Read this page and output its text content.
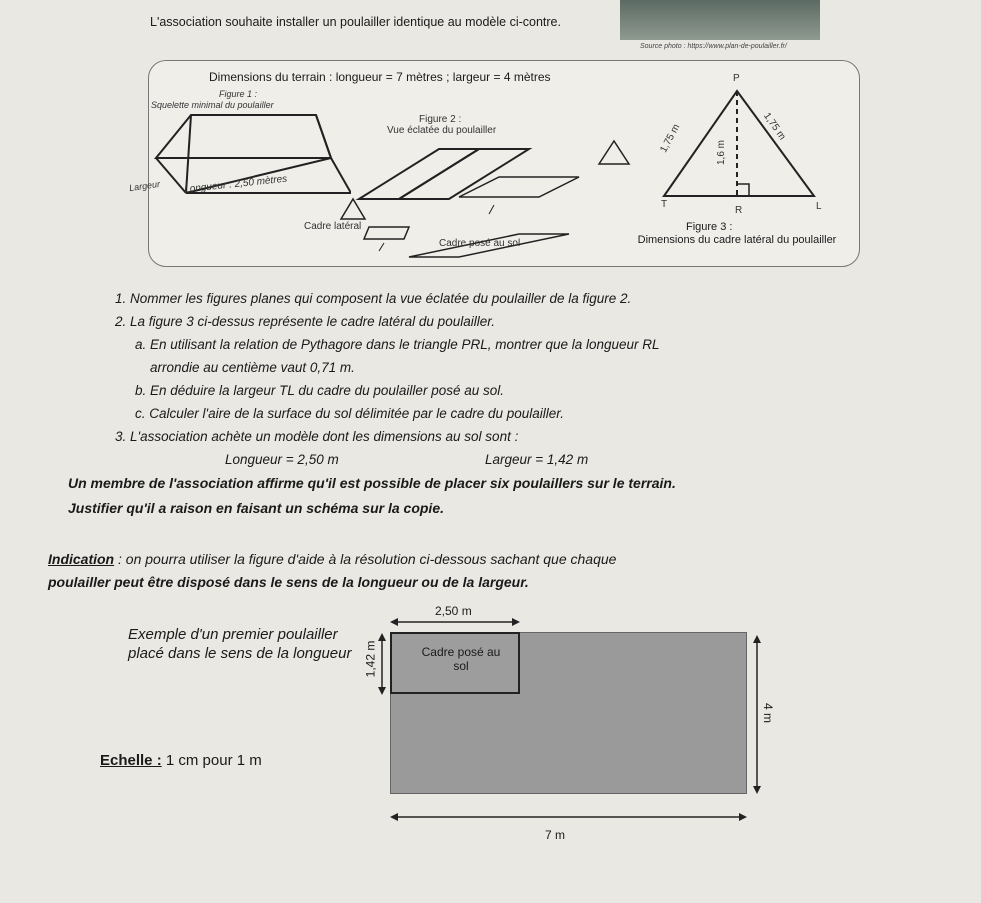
L'association souhaite installer un poulailler identique au modèle ci-contre.
Source photo : https://www.plan-de-poulailler.fr/
Dimensions du terrain : longueur = 7 mètres ; largeur = 4 mètres
Figure 1 :
Squelette minimal du poulailler
Largeur Longueur : 2,50 mètres
Figure 2 :
Vue éclatée du poulailler
Cadre latéral
Cadre posé au sol
P
T
R	L
1,75 m	1,75 m
1,6 m
Figure 3 :
Dimensions du cadre latéral du poulailler

1. Nommer les figures planes qui composent la vue éclatée du poulailler de la figure 2.

2. La figure 3 ci-dessus représente le cadre latéral du poulailler.

a. En utilisant la relation de Pythagore dans le triangle PRL, montrer que la longueur RL

arrondie au centième vaut 0,71 m.

b. En déduire la largeur TL du cadre du poulailler posé au sol.

c. Calculer l'aire de la surface du sol délimitée par le cadre du poulailler.

3. L'association achète un modèle dont les dimensions au sol sont :

Longueur = 2,50 m	Largeur = 1,42 m

Un membre de l'association affirme qu'il est possible de placer six poulaillers sur le terrain.
Justifier qu'il a raison en faisant un schéma sur la copie.
Indication : on pourra utiliser la figure d'aide à la résolution ci-dessous sachant que chaque
poulailler peut être disposé dans le sens de la longueur ou de la largeur.
Exemple d'un premier poulailler placé dans le sens de la longueur
Echelle : 1 cm pour 1 m
Cadre posé au sol
2,50 m
1,42 m
4 m
7 m
